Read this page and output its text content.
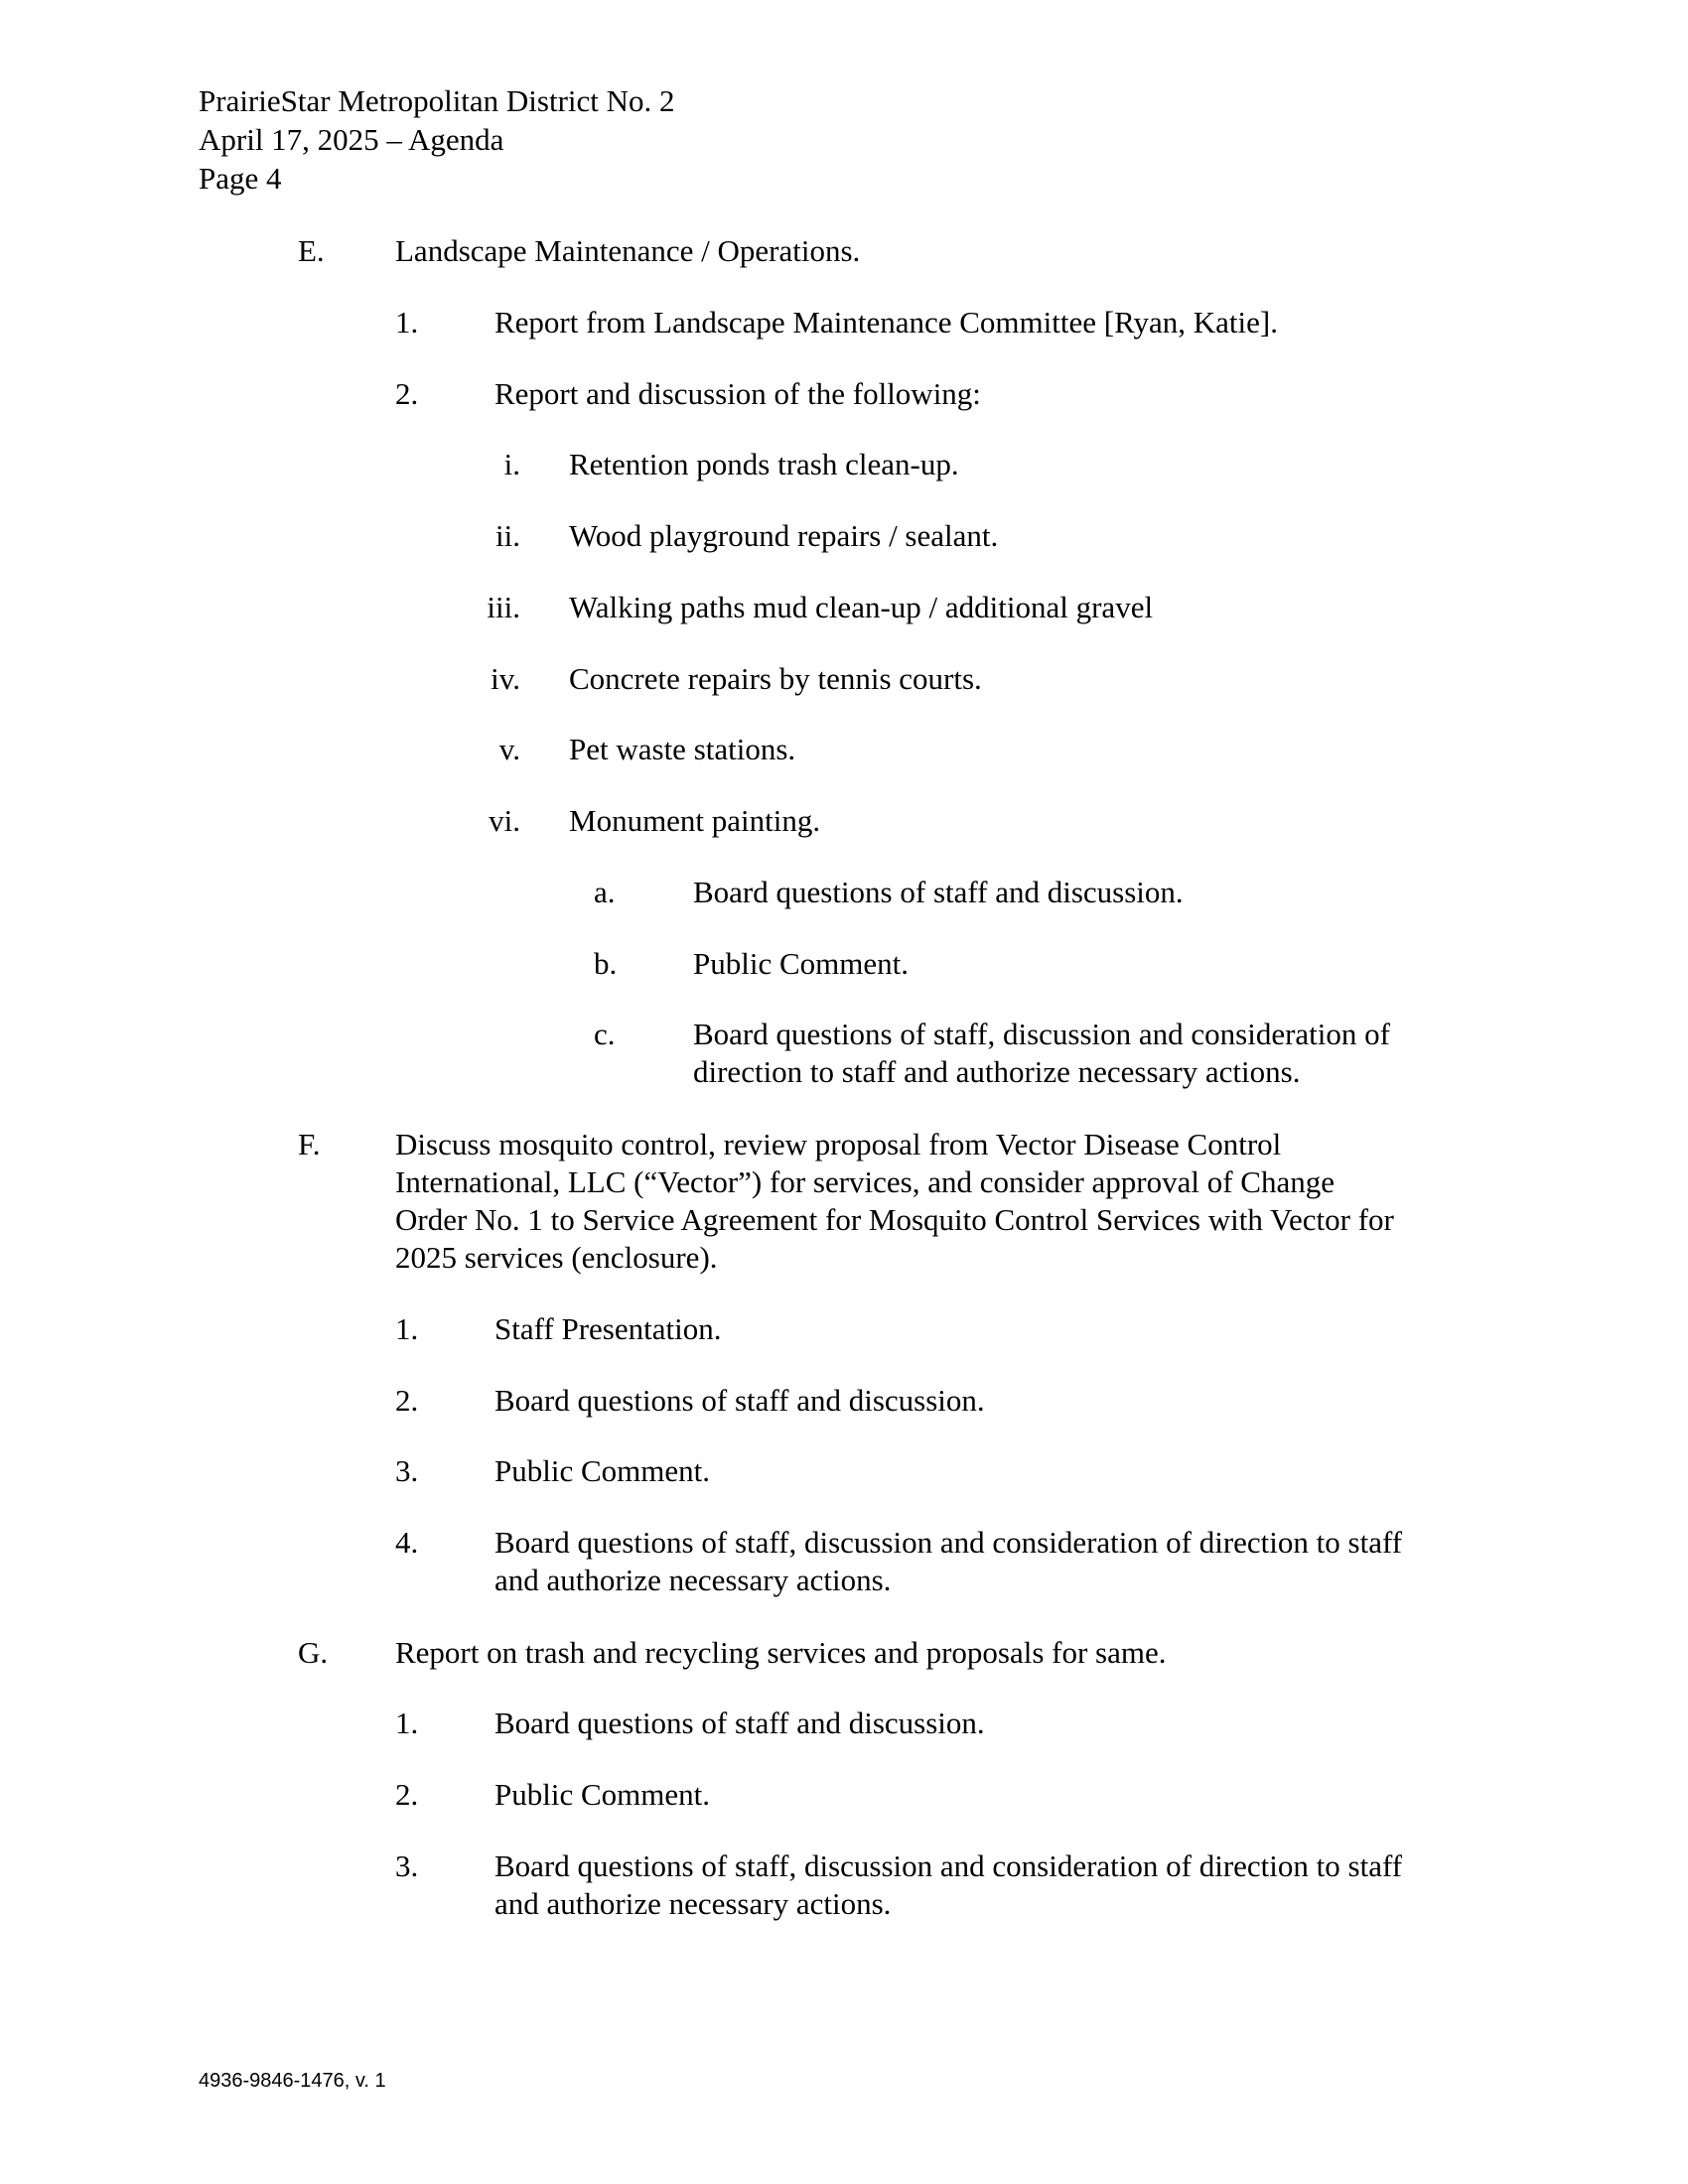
PrairieStar Metropolitan District No. 2
April 17, 2025 – Agenda
Page 4
E. Landscape Maintenance / Operations.
1. Report from Landscape Maintenance Committee [Ryan, Katie].
2. Report and discussion of the following:
i. Retention ponds trash clean-up.
ii. Wood playground repairs / sealant.
iii. Walking paths mud clean-up / additional gravel
iv. Concrete repairs by tennis courts.
v. Pet waste stations.
vi. Monument painting.
a.	Board questions of staff and discussion.
b. Public Comment.
c.	Board questions of staff, discussion and consideration of
direction to staff and authorize necessary actions.
F. Discuss mosquito control, review proposal from Vector Disease Control
International, LLC (“Vector”) for services, and consider approval of Change
Order No. 1 to Service Agreement for Mosquito Control Services with Vector for
2025 services (enclosure).
1. Staff Presentation.
2. Board questions of staff and discussion.
3. Public Comment.
4. Board questions of staff, discussion and consideration of direction to staff
and authorize necessary actions.
G. Report on trash and recycling services and proposals for same.
1. Board questions of staff and discussion.
2. Public Comment.
3. Board questions of staff, discussion and consideration of direction to staff
and authorize necessary actions.
4936-9846-1476, v. 1
